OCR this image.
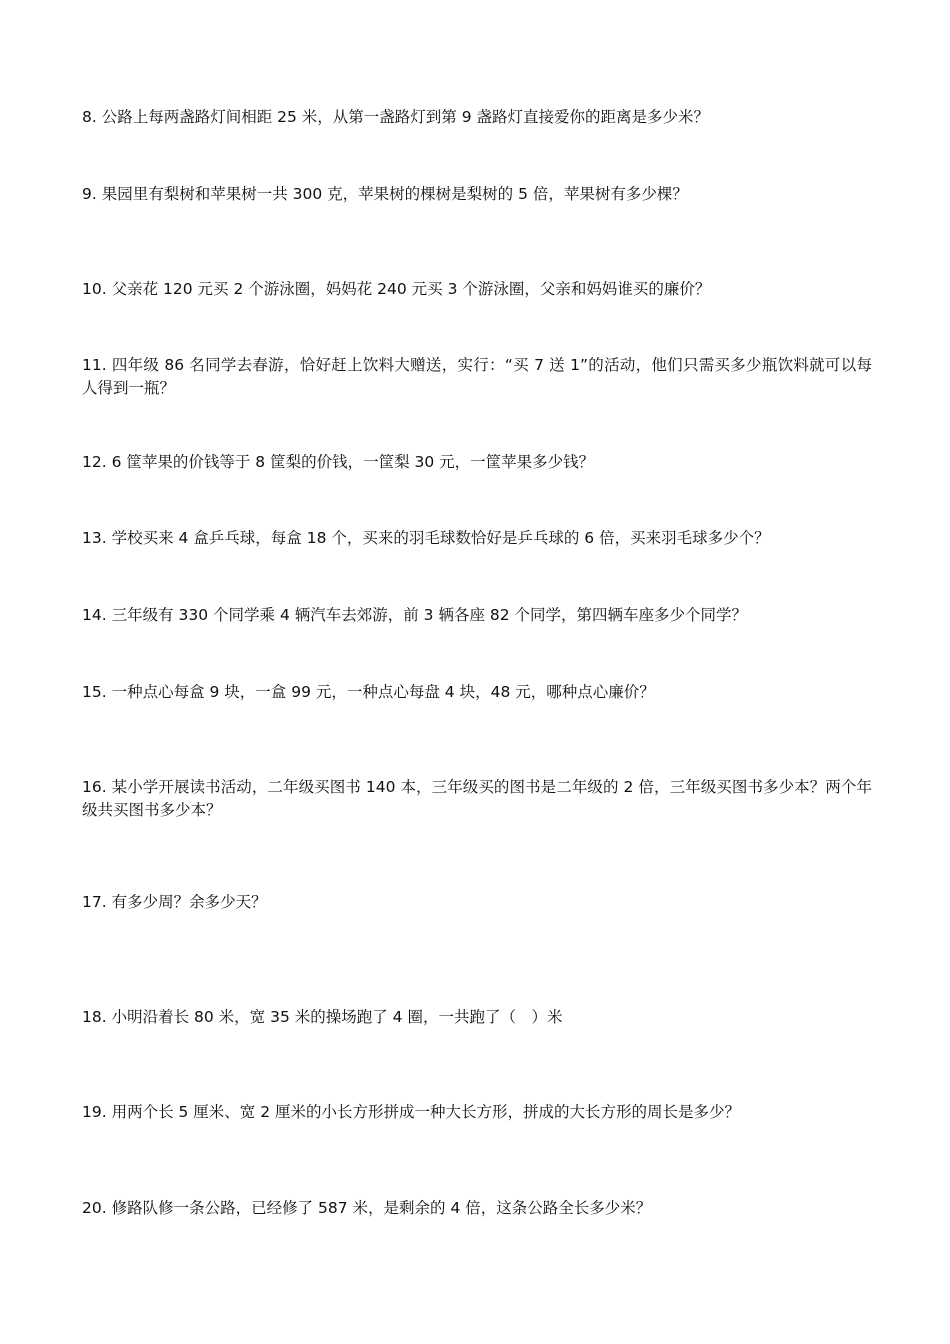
8. 公路上每两盏路灯间相距 25 米，从第一盏路灯到第 9 盏路灯直接爱你的距离是多少米？

9. 果园里有梨树和苹果树一共 300 克，苹果树的棵树是梨树的 5 倍，苹果树有多少棵？

10. 父亲花 120 元买 2 个游泳圈，妈妈花 240 元买 3 个游泳圈，父亲和妈妈谁买的廉价？

11. 四年级 86 名同学去春游，恰好赶上饮料大赠送，实行：“买 7 送 1”的活动，他们只需买多少瓶饮料就可以每人得到一瓶？

12. 6 筐苹果的价钱等于 8 筐梨的价钱，一筐梨 30 元，一筐苹果多少钱？

13. 学校买来 4 盒乒乓球，每盒 18 个，买来的羽毛球数恰好是乒乓球的 6 倍，买来羽毛球多少个？

14. 三年级有 330 个同学乘 4 辆汽车去郊游，前 3 辆各座 82 个同学，第四辆车座多少个同学？

15. 一种点心每盒 9 块，一盒 99 元，一种点心每盘 4 块，48 元，哪种点心廉价？

16. 某小学开展读书活动，二年级买图书 140 本，三年级买的图书是二年级的 2 倍，三年级买图书多少本？两个年级共买图书多少本？

17. 有多少周？余多少天？

18. 小明沿着长 80 米，宽 35 米的操场跑了 4 圈，一共跑了（　）米

19. 用两个长 5 厘米、宽 2 厘米的小长方形拼成一种大长方形，拼成的大长方形的周长是多少？

20. 修路队修一条公路，已经修了 587 米，是剩余的 4 倍，这条公路全长多少米？
